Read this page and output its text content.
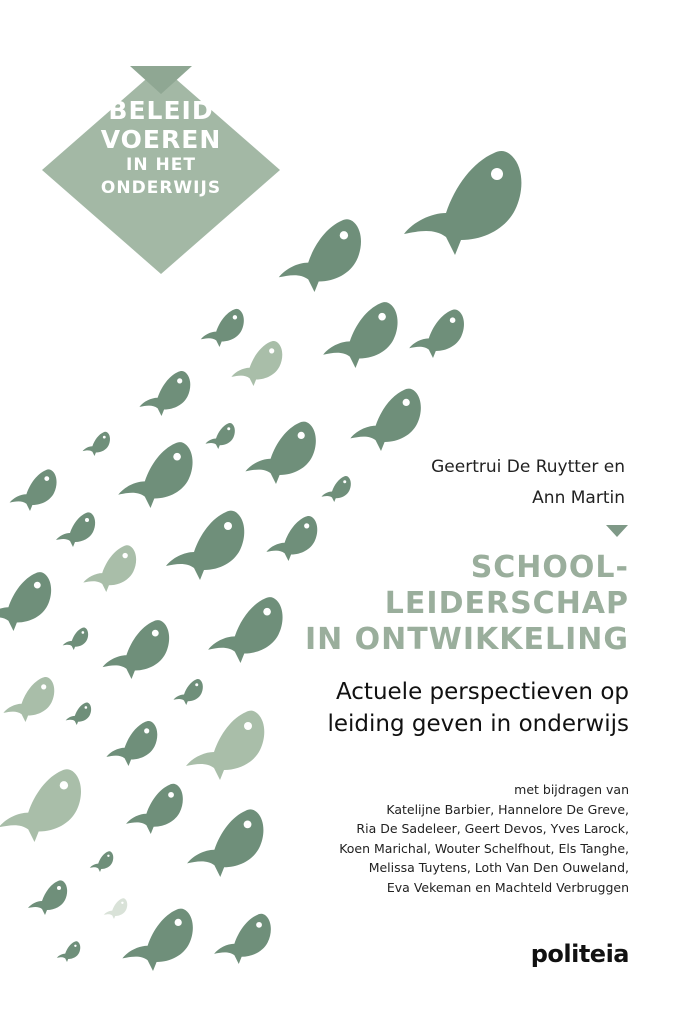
BELEID
VOEREN
IN HET
ONDERWIJS
Geertrui De Ruytter en
Ann Martin
SCHOOL-
LEIDERSCHAP
IN ONTWIKKELING
Actuele perspectieven op
leiding geven in onderwijs
met bijdragen van
Katelijne Barbier, Hannelore De Greve,
Ria De Sadeleer, Geert Devos, Yves Larock,
Koen Marichal, Wouter Schelfhout, Els Tanghe,
Melissa Tuytens, Loth Van Den Ouweland,
Eva Vekeman en Machteld Verbruggen
politeia
